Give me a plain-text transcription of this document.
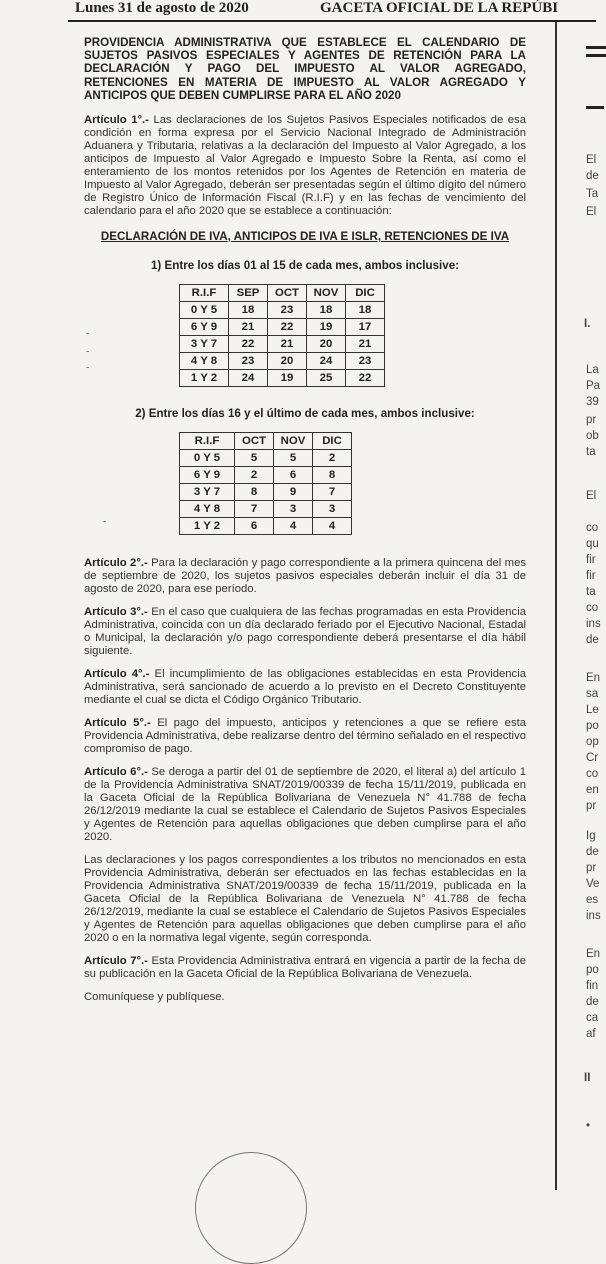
Lunes 31 de agosto de 2020	GACETA OFICIAL DE LA REPÚBI
PROVIDENCIA ADMINISTRATIVA QUE ESTABLECE EL CALENDARIO DE SUJETOS PASIVOS ESPECIALES Y AGENTES DE RETENCIÓN PARA LA DECLARACIÓN Y PAGO DEL IMPUESTO AL VALOR AGREGADO, RETENCIONES EN MATERIA DE IMPUESTO AL VALOR AGREGADO Y ANTICIPOS QUE DEBEN CUMPLIRSE PARA EL AÑO 2020

Artículo 1°.- Las declaraciones de los Sujetos Pasivos Especiales notificados de esa condición en forma expresa por el Servicio Nacional Integrado de Administración Aduanera y Tributaria, relativas a la declaración del Impuesto al Valor Agregado, a los anticipos de Impuesto al Valor Agregado e Impuesto Sobre la Renta, así como el enteramiento de los montos retenidos por los Agentes de Retención en materia de Impuesto al Valor Agregado, deberán ser presentadas según el último dígito del número de Registro Único de Información Fiscal (R.I.F) y en las fechas de vencimiento del calendario para el año 2020 que se establece a continuación:

DECLARACIÓN DE IVA, ANTICIPOS DE IVA E ISLR, RETENCIONES DE IVA
1) Entre los días 01 al 15 de cada mes, ambos inclusive:
R.I.F	SEP	OCT	NOV	DIC
0 Y 5	18	23	18	18
6 Y 9	21	22	19	17
3 Y 7	22	21	20	21
4 Y 8	23	20	24	23
1 Y 2	24	19	25	22
2) Entre los días 16 y el último de cada mes, ambos inclusive:
R.I.F	OCT	NOV	DIC
0 Y 5	5	5	2
6 Y 9	2	6	8
3 Y 7	8	9	7
4 Y 8	7	3	3
1 Y 2	6	4	4

Artículo 2°.- Para la declaración y pago correspondiente a la primera quincena del mes de septiembre de 2020, los sujetos pasivos especiales deberán incluir el día 31 de agosto de 2020, para ese período.

Artículo 3°.- En el caso que cualquiera de las fechas programadas en esta Providencia Administrativa, coincida con un día declarado feriado por el Ejecutivo Nacional, Estadal o Municipal, la declaración y/o pago correspondiente deberá presentarse el día hábil siguiente.

Artículo 4°.- El incumplimiento de las obligaciones establecidas en esta Providencia Administrativa, será sancionado de acuerdo a lo previsto en el Decreto Constituyente mediante el cual se dicta el Código Orgánico Tributario.

Artículo 5°.- El pago del impuesto, anticipos y retenciones a que se refiere esta Providencia Administrativa, debe realizarse dentro del término señalado en el respectivo compromiso de pago.

Artículo 6°.- Se deroga a partir del 01 de septiembre de 2020, el literal a) del artículo 1 de la Providencia Administrativa SNAT/2019/00339 de fecha 15/11/2019, publicada en la Gaceta Oficial de la República Bolivariana de Venezuela N° 41.788 de fecha 26/12/2019 mediante la cual se establece el Calendario de Sujetos Pasivos Especiales y Agentes de Retención para aquellas obligaciones que deben cumplirse para el año 2020.

Las declaraciones y los pagos correspondientes a los tributos no mencionados en esta Providencia Administrativa, deberán ser efectuados en las fechas establecidas en la Providencia Administrativa SNAT/2019/00339 de fecha 15/11/2019, publicada en la Gaceta Oficial de la República Bolivariana de Venezuela N° 41.788 de fecha 26/12/2019, mediante la cual se establece el Calendario de Sujetos Pasivos Especiales y Agentes de Retención para aquellas obligaciones que deben cumplirse para el año 2020 o en la normativa legal vigente, según corresponda.

Artículo 7°.- Esta Providencia Administrativa entrará en vigencia a partir de la fecha de su publicación en la Gaceta Oficial de la República Bolivariana de Venezuela.

Comuníquese y publíquese.

-
-
-
-
El
de
Ta
El
I.
La
Pa
39
pr
ob
ta
El
co
qu
fir
fir
ta
co
ins
de
En
sa
Le
po
op
Cr
co
en
pr
Ig
de
pr
Ve
es
ins
En
po
fin
de
ca
af
II
•
